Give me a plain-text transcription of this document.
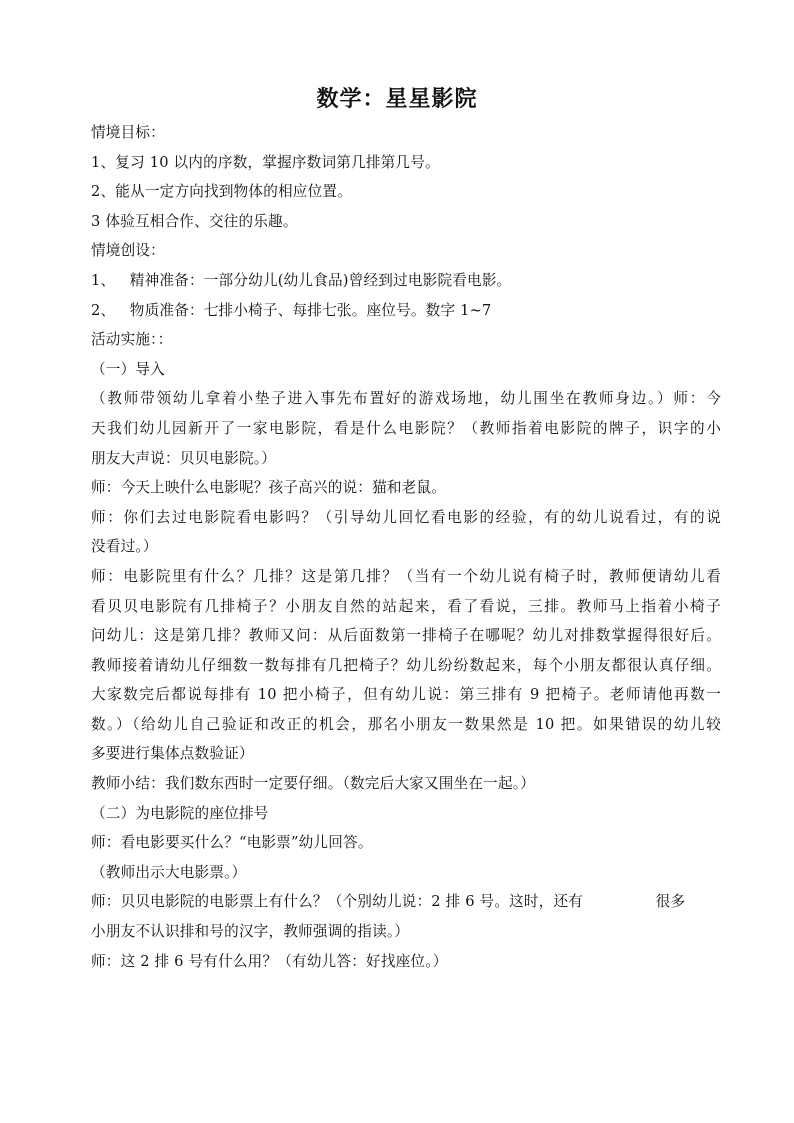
数学：星星影院
情境目标：
1、复习 10 以内的序数，掌握序数词第几排第几号。
2、能从一定方向找到物体的相应位置。
3 体验互相合作、交往的乐趣。
情境创设：
1、   精神准备：一部分幼儿(幼儿食品)曾经到过电影院看电影。
2、   物质准备：七排小椅子、每排七张。座位号。数字 1~7
活动实施：：
（一）导入
（教师带领幼儿拿着小垫子进入事先布置好的游戏场地，幼儿围坐在教师身边。）师：今
天我们幼儿园新开了一家电影院，看是什么电影院？（教师指着电影院的牌子，识字的小
朋友大声说：贝贝电影院。）
师：今天上映什么电影呢？孩子高兴的说：猫和老鼠。
师：你们去过电影院看电影吗？（引导幼儿回忆看电影的经验，有的幼儿说看过，有的说
没看过。）
师：电影院里有什么？几排？这是第几排？（当有一个幼儿说有椅子时，教师便请幼儿看
看贝贝电影院有几排椅子？小朋友自然的站起来，看了看说，三排。教师马上指着小椅子
问幼儿：这是第几排？教师又问：从后面数第一排椅子在哪呢？幼儿对排数掌握得很好后。
教师接着请幼儿仔细数一数每排有几把椅子？幼儿纷纷数起来，每个小朋友都很认真仔细。
大家数完后都说每排有 10 把小椅子，但有幼儿说：第三排有 9 把椅子。老师请他再数一
数。）（给幼儿自己验证和改正的机会，那名小朋友一数果然是 10 把。如果错误的幼儿较
多要进行集体点数验证）
教师小结：我们数东西时一定要仔细。（数完后大家又围坐在一起。）
（二）为电影院的座位排号
师：看电影要买什么？“电影票”幼儿回答。
（教师出示大电影票。）
师：贝贝电影院的电影票上有什么？（个别幼儿说：2 排 6 号。这时，还有               很多
小朋友不认识排和号的汉字，教师强调的指读。）
师：这 2 排 6 号有什么用？（有幼儿答：好找座位。）
